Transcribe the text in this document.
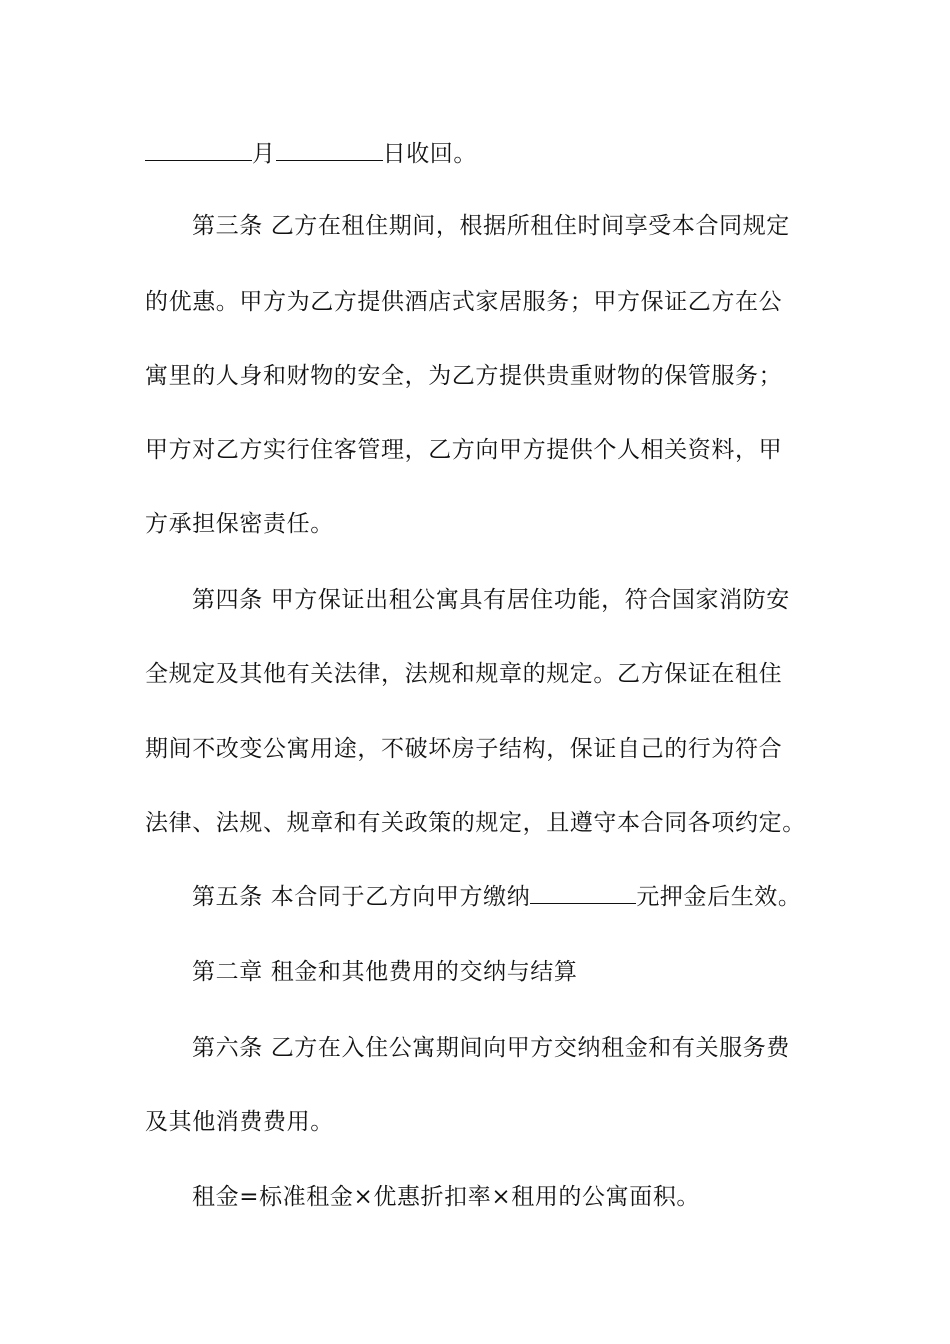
月	日收回。
第三条 乙方在租住期间，根据所租住时间享受本合同规定
的优惠。甲方为乙方提供酒店式家居服务；甲方保证乙方在公
寓里的人身和财物的安全，为乙方提供贵重财物的保管服务；
甲方对乙方实行住客管理，乙方向甲方提供个人相关资料，甲
方承担保密责任。
第四条 甲方保证出租公寓具有居住功能，符合国家消防安
全规定及其他有关法律，法规和规章的规定。乙方保证在租住
期间不改变公寓用途，不破坏房子结构，保证自己的行为符合
法律、法规、规章和有关政策的规定，且遵守本合同各项约定。
第五条 本合同于乙方向甲方缴纳	元押金后生效。
第二章 租金和其他费用的交纳与结算
第六条 乙方在入住公寓期间向甲方交纳租金和有关服务费
及其他消费费用。
租金=标准租金×优惠折扣率×租用的公寓面积。
